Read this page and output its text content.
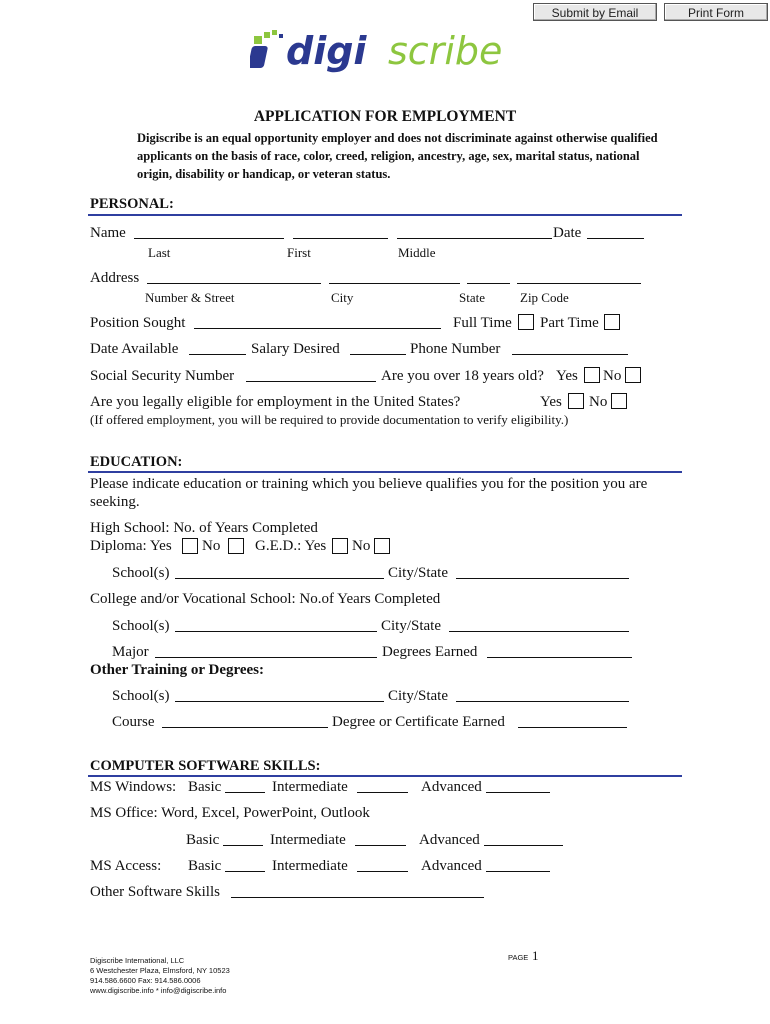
Submit by Email	Print Form
digi scribe
APPLICATION FOR EMPLOYMENT
Digiscribe is an equal opportunity employer and does not discriminate against otherwise qualified applicants on the basis of race, color, creed, religion, ancestry, age, sex, marital status, national origin, disability or handicap, or veteran status.
PERSONAL:
Name	Date
Last	First	Middle
Address
Number & Street	City	State	Zip Code
Position Sought	Full Time Part Time
Date Available	Salary Desired	Phone Number
Social Security Number	Are you over 18 years old? Yes No
Are you legally eligible for employment in the United States?	Yes No
(If offered employment, you will be required to provide documentation to verify eligibility.)
EDUCATION:
Please indicate education or training which you believe qualifies you for the position you are seeking.
High School: No. of Years Completed
Diploma: Yes No G.E.D.: Yes No
School(s)	City/State
College and/or Vocational School: No.of Years Completed
School(s)	City/State
Major	Degrees Earned
Other Training or Degrees:
School(s)	City/State
Course	Degree or Certificate Earned
COMPUTER SOFTWARE SKILLS:
MS Windows: Basic	Intermediate	Advanced
MS Office: Word, Excel, PowerPoint, Outlook
Basic	Intermediate	Advanced
MS Access: Basic	Intermediate	Advanced
Other Software Skills
Digiscribe International, LLC
6 Westchester Plaza, Elmsford, NY 10523
914.586.6600 Fax: 914.586.0006
www.digiscribe.info * info@digiscribe.info
PAGE 1
